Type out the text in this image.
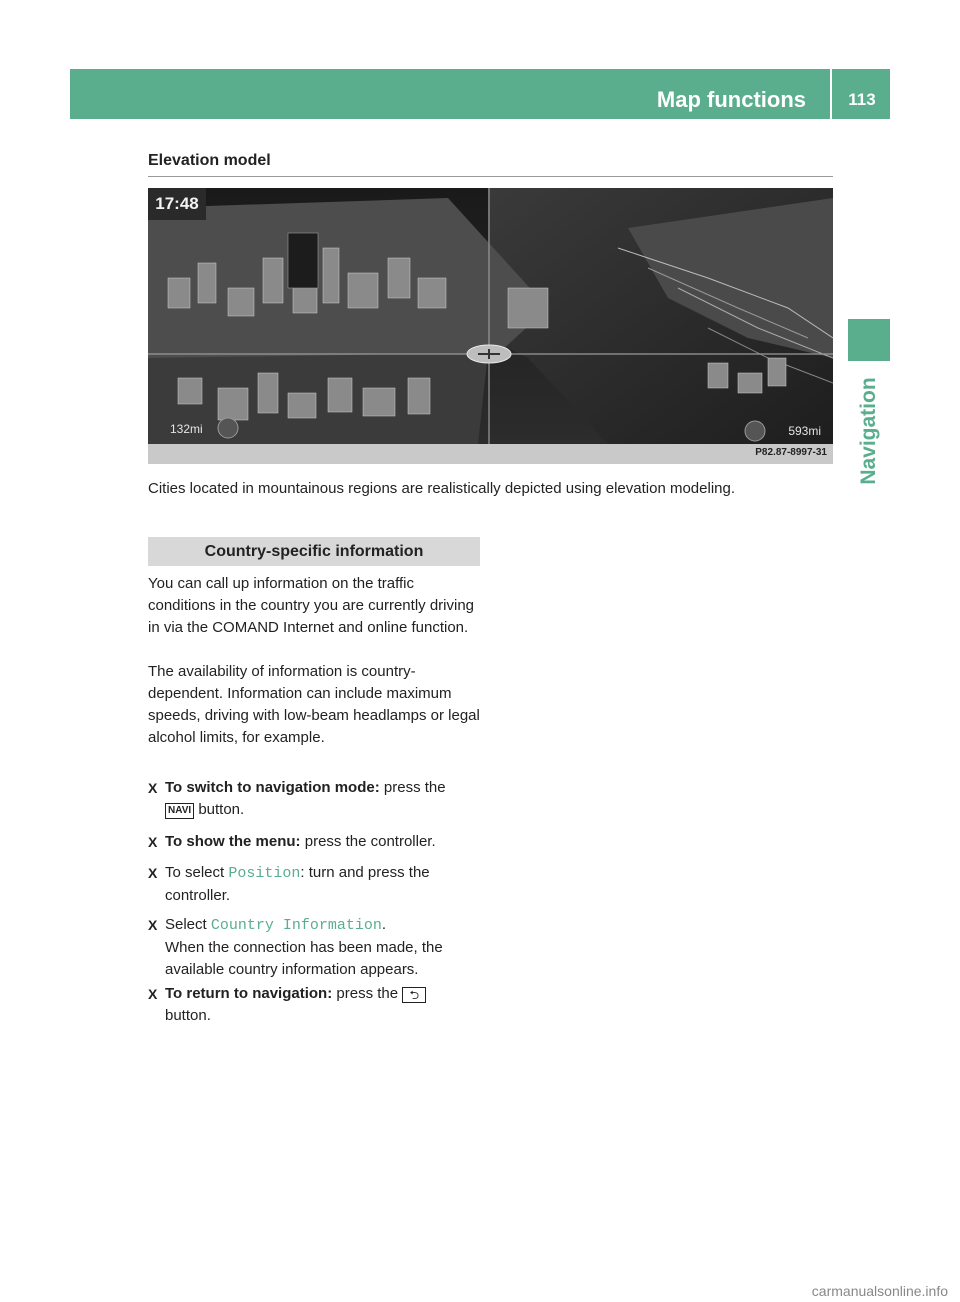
Map functions	113
Navigation
Elevation model
17:48
132mi	593mi
P82.87-8997-31
Cities located in mountainous regions are realistically depicted using elevation modeling.
Country-specific information
You can call up information on the traffic conditions in the country you are currently driving in via the COMAND Internet and online function.
The availability of information is country-dependent. Information can include maximum speeds, driving with low-beam headlamps or legal alcohol limits, for example.
X To switch to navigation mode: press the
NAVI button.
X To show the menu: press the controller.
X To select Position: turn and press the controller.
X Select Country Information.
When the connection has been made, the available country information appears.
X To return to navigation: press the ⮌
button.
carmanualsonline.info
